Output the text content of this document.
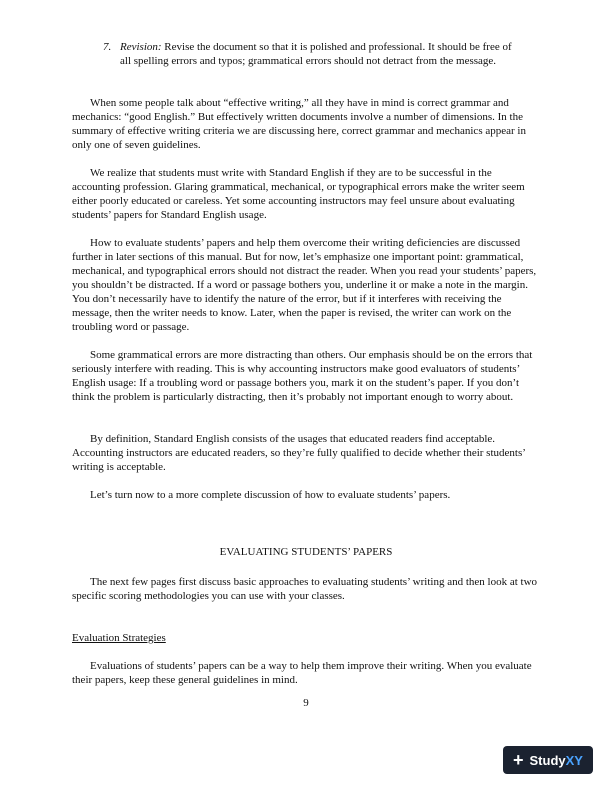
7. Revision: Revise the document so that it is polished and professional. It should be free of all spelling errors and typos; grammatical errors should not detract from the message.

When some people talk about “effective writing,” all they have in mind is correct grammar and mechanics: “good English.” But effectively written documents involve a number of dimensions. In the summary of effective writing criteria we are discussing here, correct grammar and mechanics appear in only one of seven guidelines.

We realize that students must write with Standard English if they are to be successful in the accounting profession. Glaring grammatical, mechanical, or typographical errors make the writer seem either poorly educated or careless. Yet some accounting instructors may feel unsure about evaluating students’ papers for Standard English usage.

How to evaluate students’ papers and help them overcome their writing deficiencies are discussed further in later sections of this manual. But for now, let’s emphasize one important point: grammatical, mechanical, and typographical errors should not distract the reader. When you read your students’ papers, you shouldn’t be distracted. If a word or passage bothers you, underline it or make a note in the margin. You don’t necessarily have to identify the nature of the error, but if it interferes with receiving the message, then the writer needs to know. Later, when the paper is revised, the writer can work on the troubling word or passage.

Some grammatical errors are more distracting than others. Our emphasis should be on the errors that seriously interfere with reading. This is why accounting instructors make good evaluators of students’ English usage: If a troubling word or passage bothers you, mark it on the student’s paper. If you don’t think the problem is particularly distracting, then it’s probably not important enough to worry about.

By definition, Standard English consists of the usages that educated readers find acceptable. Accounting instructors are educated readers, so they’re fully qualified to decide whether their students’ writing is acceptable.

Let’s turn now to a more complete discussion of how to evaluate students’ papers.

EVALUATING STUDENTS’ PAPERS

The next few pages first discuss basic approaches to evaluating students’ writing and then look at two specific scoring methodologies you can use with your classes.

Evaluation Strategies

Evaluations of students’ papers can be a way to help them improve their writing. When you evaluate their papers, keep these general guidelines in mind.

9
+ StudyXY
